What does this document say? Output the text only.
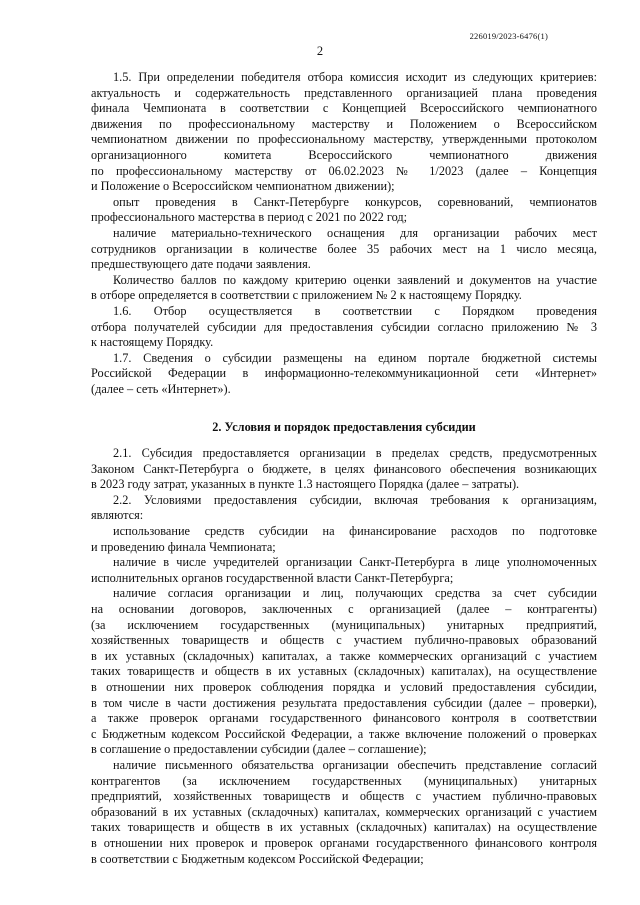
226019/2023-6476(1)
2
1.5. При определении победителя отбора комиссия исходит из следующих критериев:
актуальность и содержательность представленного организацией плана проведения
финала Чемпионата в соответствии с Концепцией Всероссийского чемпионатного
движения по профессиональному мастерству и Положением о Всероссийском
чемпионатном движении по профессиональному мастерству, утвержденными протоколом
организационного комитета Всероссийского чемпионатного движения
по профессиональному мастерству от 06.02.2023 № 1/2023 (далее – Концепция
и Положение о Всероссийском чемпионатном движении);
опыт проведения в Санкт-Петербурге конкурсов, соревнований, чемпионатов
профессионального мастерства в период с 2021 по 2022 год;
наличие материально-технического оснащения для организации рабочих мест
сотрудников организации в количестве более 35 рабочих мест на 1 число месяца,
предшествующего дате подачи заявления.
Количество баллов по каждому критерию оценки заявлений и документов на участие
в отборе определяется в соответствии с приложением № 2 к настоящему Порядку.
1.6. Отбор осуществляется в соответствии с Порядком проведения
отбора получателей субсидии для предоставления субсидии согласно приложению № 3
к настоящему Порядку.
1.7. Сведения о субсидии размещены на едином портале бюджетной системы
Российской Федерации в информационно-телекоммуникационной сети «Интернет»
(далее – сеть «Интернет»).
2. Условия и порядок предоставления субсидии
2.1. Субсидия предоставляется организации в пределах средств, предусмотренных
Законом Санкт-Петербурга о бюджете, в целях финансового обеспечения возникающих
в 2023 году затрат, указанных в пункте 1.3 настоящего Порядка (далее – затраты).
2.2. Условиями предоставления субсидии, включая требования к организациям,
являются:
использование средств субсидии на финансирование расходов по подготовке
и проведению финала Чемпионата;
наличие в числе учредителей организации Санкт-Петербурга в лице уполномоченных
исполнительных органов государственной власти Санкт-Петербурга;
наличие согласия организации и лиц, получающих средства за счет субсидии
на основании договоров, заключенных с организацией (далее – контрагенты)
(за исключением государственных (муниципальных) унитарных предприятий,
хозяйственных товариществ и обществ с участием публично-правовых образований
в их уставных (складочных) капиталах, а также коммерческих организаций с участием
таких товариществ и обществ в их уставных (складочных) капиталах), на осуществление
в отношении них проверок соблюдения порядка и условий предоставления субсидии,
в том числе в части достижения результата предоставления субсидии (далее – проверки),
а также проверок органами государственного финансового контроля в соответствии
с Бюджетным кодексом Российской Федерации, а также включение положений о проверках
в соглашение о предоставлении субсидии (далее – соглашение);
наличие письменного обязательства организации обеспечить представление согласий
контрагентов (за исключением государственных (муниципальных) унитарных
предприятий, хозяйственных товариществ и обществ с участием публично-правовых
образований в их уставных (складочных) капиталах, коммерческих организаций с участием
таких товариществ и обществ в их уставных (складочных) капиталах) на осуществление
в отношении них проверок и проверок органами государственного финансового контроля
в соответствии с Бюджетным кодексом Российской Федерации;
